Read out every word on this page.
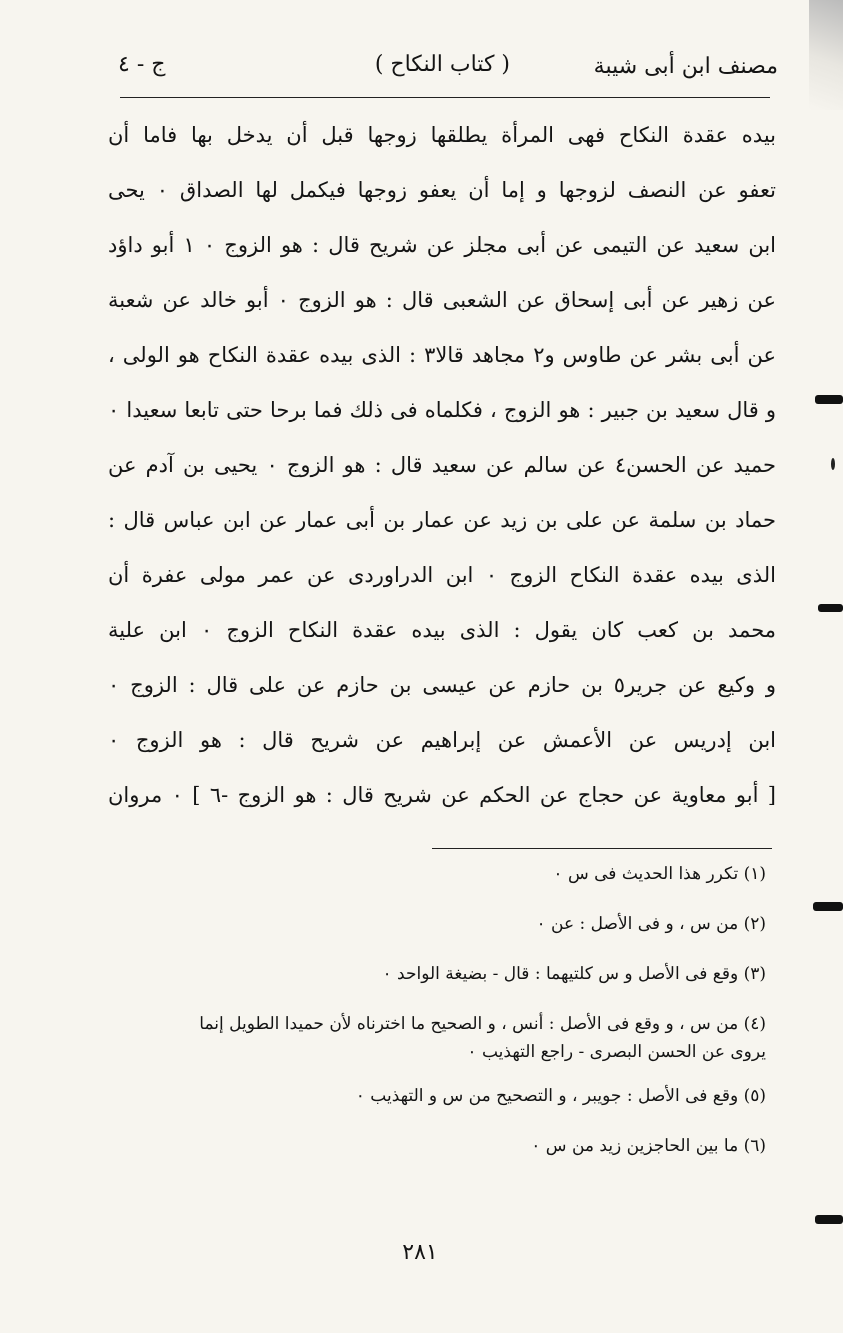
مصنف ابن أبى شيبة
( كتاب النكاح )
ج - ٤
بيده عقدة النكاح فهى المرأة يطلقها زوجها قبل أن يدخل بها فاما أن
تعفو عن النصف لزوجها و إما أن يعفو زوجها فيكمل لها الصداق ٠ يحى
ابن سعيد عن التيمى عن أبى مجلز عن شريح قال : هو الزوج ٠ ١ أبو داؤد
عن زهير عن أبى إسحاق عن الشعبى قال : هو الزوج ٠ أبو خالد عن شعبة
عن أبى بشر عن طاوس و٢ مجاهد قالا٣ : الذى بيده عقدة النكاح هو الولى ،
و قال سعيد بن جبير : هو الزوج ، فكلماه فى ذلك فما برحا حتى تابعا سعيدا ٠
حميد عن الحسن٤ عن سالم عن سعيد قال : هو الزوج ٠ يحيى بن آدم عن
حماد بن سلمة عن على بن زيد عن عمار بن أبى عمار عن ابن عباس قال :
الذى بيده عقدة النكاح الزوج ٠ ابن الدراوردى عن عمر مولى عفرة أن
محمد بن كعب كان يقول : الذى بيده عقدة النكاح الزوج ٠ ابن علية
و وكيع عن جرير٥ بن حازم عن عيسى بن حازم عن على قال : الزوج ٠
ابن إدريس عن الأعمش عن إبراهيم عن شريح قال : هو الزوج ٠
[ أبو معاوية عن حجاج عن الحكم عن شريح قال : هو الزوج -٦ ] ٠ مروان
(١) تكرر هذا الحديث فى س ٠
(٢) من س ، و فى الأصل : عن ٠
(٣) وقع فى الأصل و س كلتيهما : قال - بضيغة الواحد ٠
(٤) من س ، و وقع فى الأصل : أنس ، و الصحيح ما اخترناه لأن حميدا الطويل إنما
يروى عن الحسن البصرى - راجع التهذيب ٠
(٥) وقع فى الأصل : جويبر ، و التصحيح من س و التهذيب ٠
(٦) ما بين الحاجزين زيد من س ٠
٢٨١
